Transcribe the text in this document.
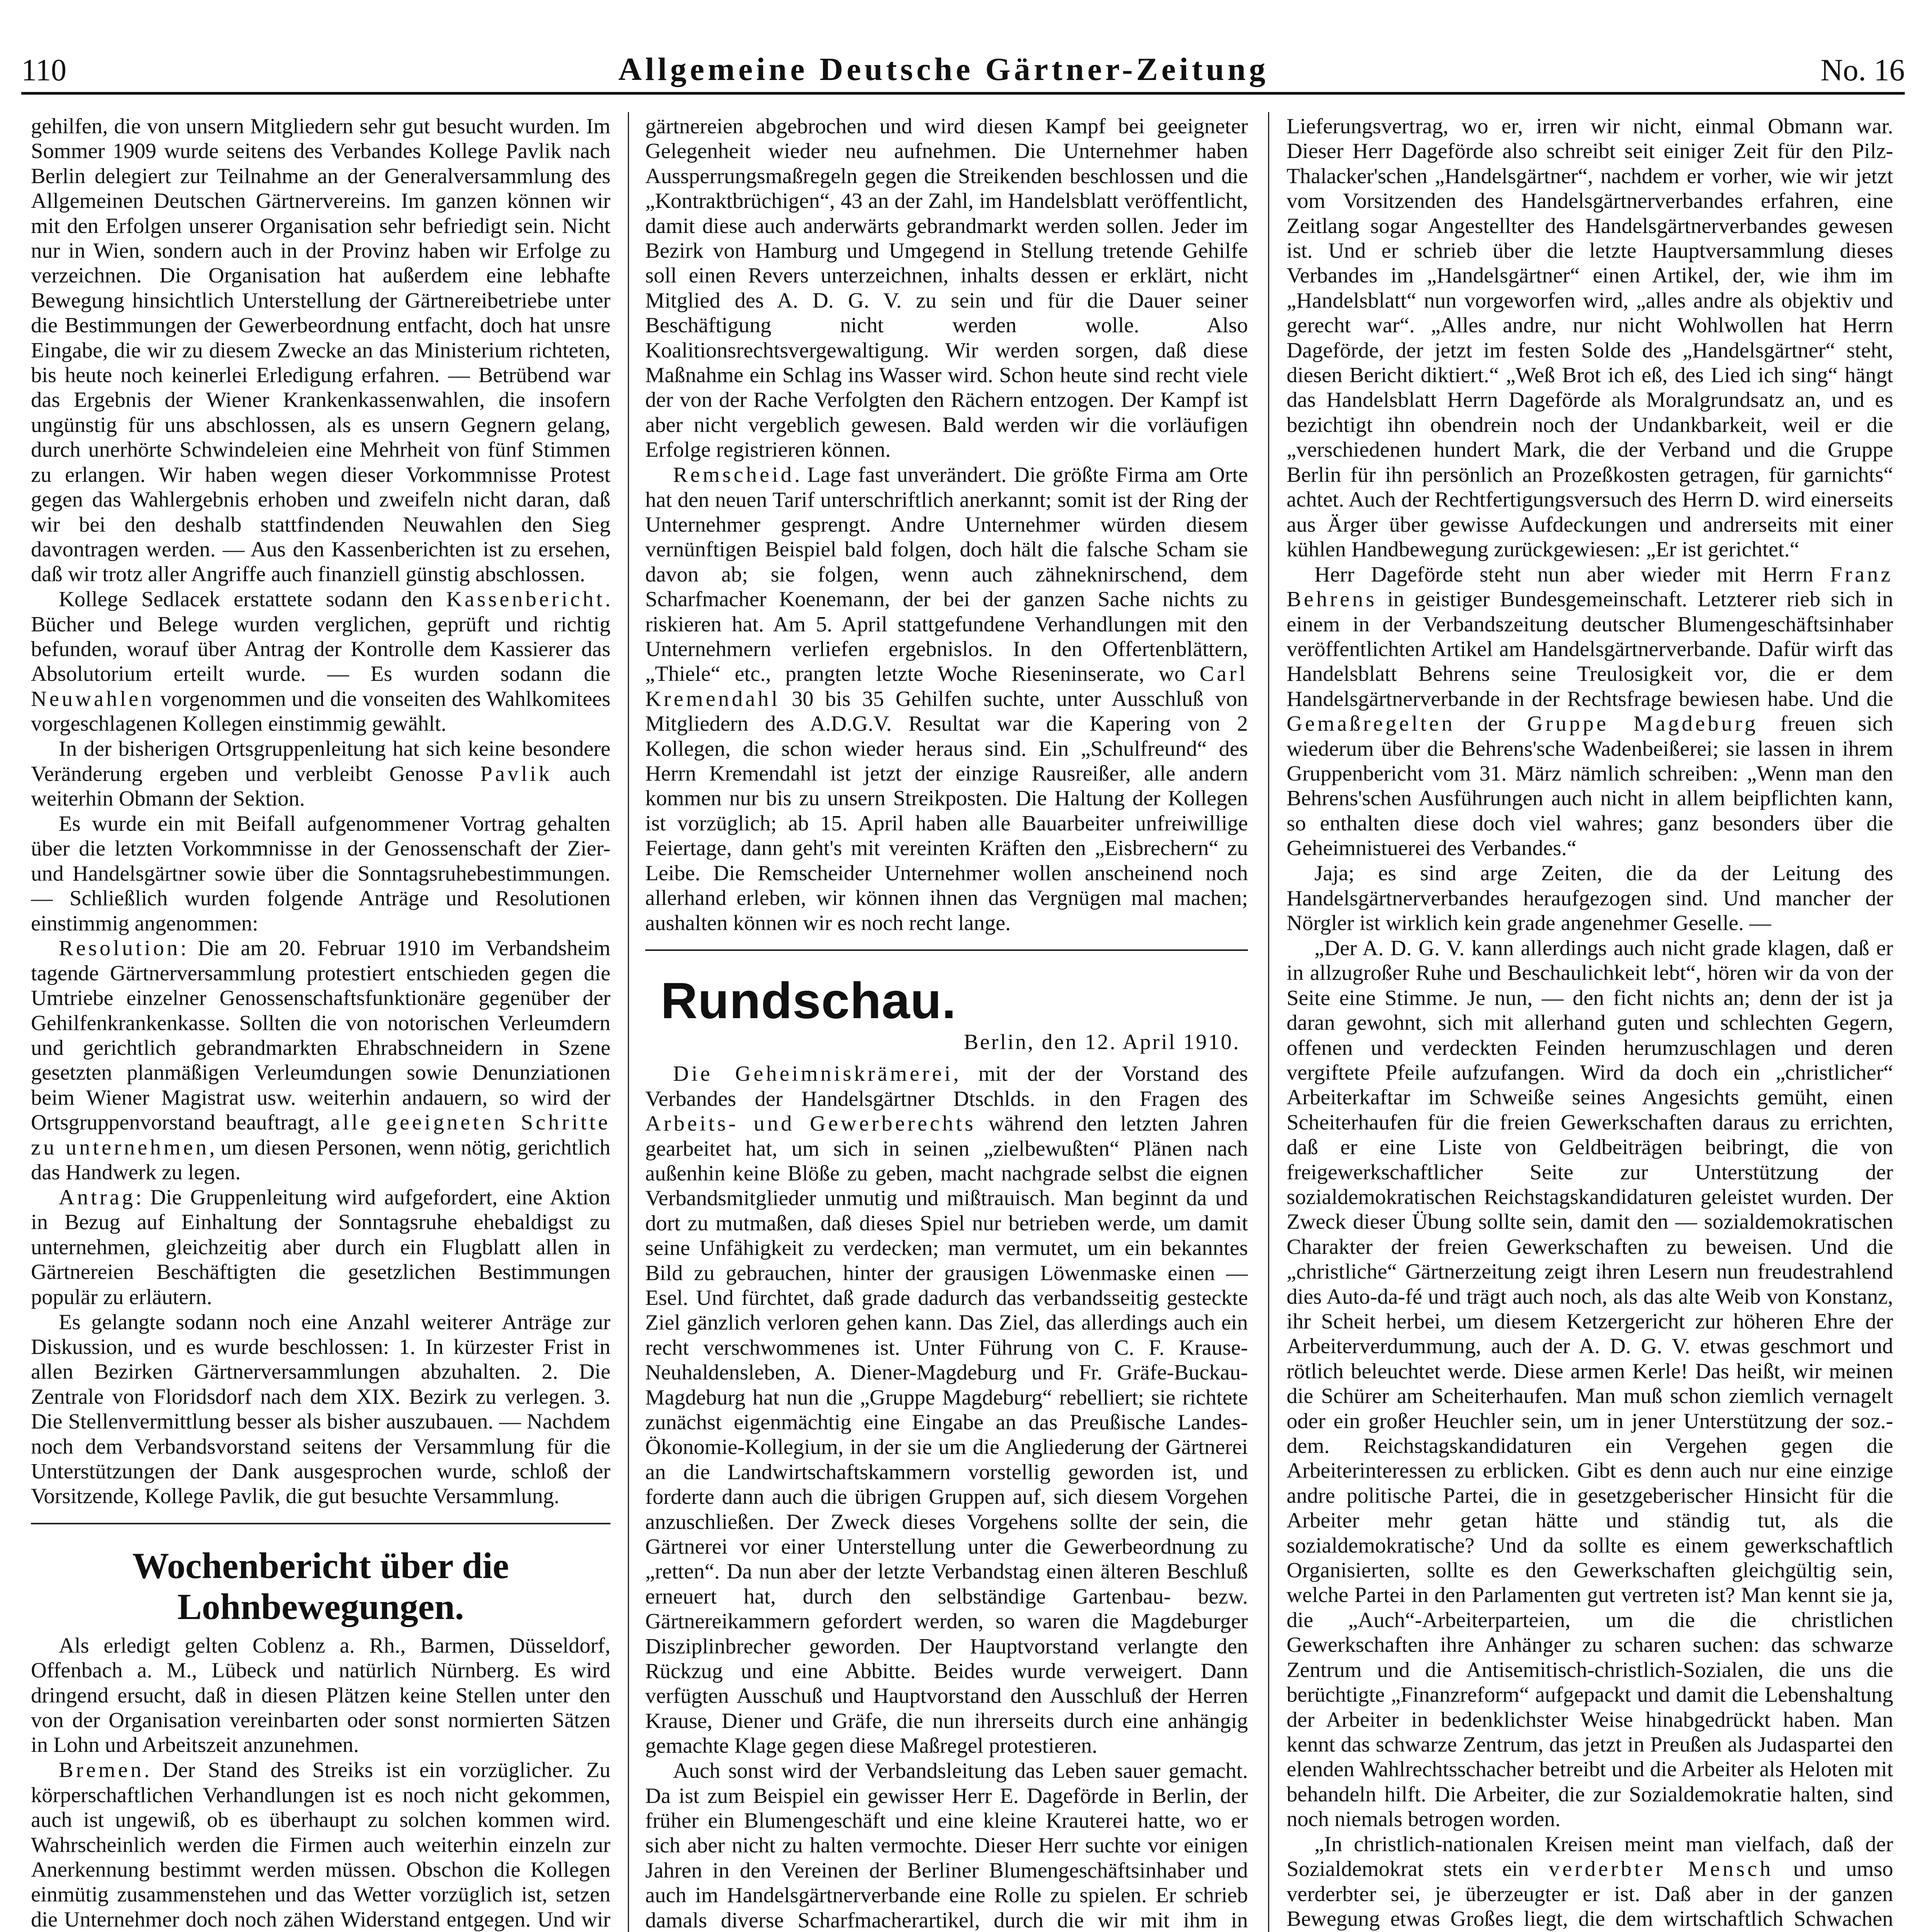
110	Allgemeine Deutsche Gärtner-Zeitung	No. 16

gehilfen, die von unsern Mitgliedern sehr gut besucht wurden. Im Sommer 1909 wurde seitens des Verbandes Kollege Pavlik nach Berlin delegiert zur Teilnahme an der Generalversammlung des Allgemeinen Deutschen Gärtnervereins. Im ganzen können wir mit den Erfolgen unserer Organisation sehr befriedigt sein. Nicht nur in Wien, sondern auch in der Provinz haben wir Erfolge zu verzeichnen. Die Organisation hat außerdem eine lebhafte Bewegung hinsichtlich Unterstellung der Gärtnereibetriebe unter die Bestimmungen der Gewerbeordnung entfacht, doch hat unsre Eingabe, die wir zu diesem Zwecke an das Ministerium richteten, bis heute noch keinerlei Erledigung erfahren. — Betrübend war das Ergebnis der Wiener Krankenkassenwahlen, die insofern ungünstig für uns abschlossen, als es unsern Gegnern gelang, durch unerhörte Schwindeleien eine Mehrheit von fünf Stimmen zu erlangen. Wir haben wegen dieser Vorkommnisse Protest gegen das Wahlergebnis erhoben und zweifeln nicht daran, daß wir bei den deshalb stattfindenden Neuwahlen den Sieg davontragen werden. — Aus den Kassenberichten ist zu ersehen, daß wir trotz aller Angriffe auch finanziell günstig abschlossen.

Kollege Sedlacek erstattete sodann den Kassenbericht. Bücher und Belege wurden verglichen, geprüft und richtig befunden, worauf über Antrag der Kontrolle dem Kassierer das Absolutorium erteilt wurde. — Es wurden sodann die Neuwahlen vorgenommen und die vonseiten des Wahlkomitees vorgeschlagenen Kollegen einstimmig gewählt.

In der bisherigen Ortsgruppenleitung hat sich keine besondere Veränderung ergeben und verbleibt Genosse Pavlik auch weiterhin Obmann der Sektion.

Es wurde ein mit Beifall aufgenommener Vortrag gehalten über die letzten Vorkommnisse in der Genossenschaft der Zier- und Handelsgärtner sowie über die Sonntagsruhebestimmungen. — Schließlich wurden folgende Anträge und Resolutionen einstimmig angenommen:

Resolution: Die am 20. Februar 1910 im Verbandsheim tagende Gärtnerversammlung protestiert entschieden gegen die Umtriebe einzelner Genossenschaftsfunktionäre gegenüber der Gehilfenkrankenkasse. Sollten die von notorischen Verleumdern und gerichtlich gebrandmarkten Ehrabschneidern in Szene gesetzten planmäßigen Verleumdungen sowie Denunziationen beim Wiener Magistrat usw. weiterhin andauern, so wird der Ortsgruppenvorstand beauftragt, alle geeigneten Schritte zu unternehmen, um diesen Personen, wenn nötig, gerichtlich das Handwerk zu legen.

Antrag: Die Gruppenleitung wird aufgefordert, eine Aktion in Bezug auf Einhaltung der Sonntagsruhe ehebaldigst zu unternehmen, gleichzeitig aber durch ein Flugblatt allen in Gärtnereien Beschäftigten die gesetzlichen Bestimmungen populär zu erläutern.

Es gelangte sodann noch eine Anzahl weiterer Anträge zur Diskussion, und es wurde beschlossen: 1. In kürzester Frist in allen Bezirken Gärtnerversammlungen abzuhalten. 2. Die Zentrale von Floridsdorf nach dem XIX. Bezirk zu verlegen. 3. Die Stellenvermittlung besser als bisher auszubauen. — Nachdem noch dem Verbandsvorstand seitens der Versammlung für die Unterstützungen der Dank ausgesprochen wurde, schloß der Vorsitzende, Kollege Pavlik, die gut besuchte Versammlung.

Wochenbericht über die Lohnbewegungen.

Als erledigt gelten Coblenz a. Rh., Barmen, Düsseldorf, Offenbach a. M., Lübeck und natürlich Nürnberg. Es wird dringend ersucht, daß in diesen Plätzen keine Stellen unter den von der Organisation vereinbarten oder sonst normierten Sätzen in Lohn und Arbeitszeit anzunehmen.

Bremen. Der Stand des Streiks ist ein vorzüglicher. Zu körperschaftlichen Verhandlungen ist es noch nicht gekommen, auch ist ungewiß, ob es überhaupt zu solchen kommen wird. Wahrscheinlich werden die Firmen auch weiterhin einzeln zur Anerkennung bestimmt werden müssen. Obschon die Kollegen einmütig zusammenstehen und das Wetter vorzüglich ist, setzen die Unternehmer doch noch zähen Widerstand entgegen. Und wir

gärtnereien abgebrochen und wird diesen Kampf bei geeigneter Gelegenheit wieder neu aufnehmen. Die Unternehmer haben Aussperrungsmaßregeln gegen die Streikenden beschlossen und die „Kontraktbrüchigen“, 43 an der Zahl, im Handelsblatt veröffentlicht, damit diese auch anderwärts gebrandmarkt werden sollen. Jeder im Bezirk von Hamburg und Umgegend in Stellung tretende Gehilfe soll einen Revers unterzeichnen, inhalts dessen er erklärt, nicht Mitglied des A. D. G. V. zu sein und für die Dauer seiner Beschäftigung nicht werden wolle. Also Koalitionsrechtsvergewaltigung. Wir werden sorgen, daß diese Maßnahme ein Schlag ins Wasser wird. Schon heute sind recht viele der von der Rache Verfolgten den Rächern entzogen. Der Kampf ist aber nicht vergeblich gewesen. Bald werden wir die vorläufigen Erfolge registrieren können.

Remscheid. Lage fast unverändert. Die größte Firma am Orte hat den neuen Tarif unterschriftlich anerkannt; somit ist der Ring der Unternehmer gesprengt. Andre Unternehmer würden diesem vernünftigen Beispiel bald folgen, doch hält die falsche Scham sie davon ab; sie folgen, wenn auch zähneknirschend, dem Scharfmacher Koenemann, der bei der ganzen Sache nichts zu riskieren hat. Am 5. April stattgefundene Verhandlungen mit den Unternehmern verliefen ergebnislos. In den Offertenblättern, „Thiele“ etc., prangten letzte Woche Rieseninserate, wo Carl Kremendahl 30 bis 35 Gehilfen suchte, unter Ausschluß von Mitgliedern des A.D.G.V. Resultat war die Kapering von 2 Kollegen, die schon wieder heraus sind. Ein „Schulfreund“ des Herrn Kremendahl ist jetzt der einzige Rausreißer, alle andern kommen nur bis zu unsern Streikposten. Die Haltung der Kollegen ist vorzüglich; ab 15. April haben alle Bauarbeiter unfreiwillige Feiertage, dann geht's mit vereinten Kräften den „Eisbrechern“ zu Leibe. Die Remscheider Unternehmer wollen anscheinend noch allerhand erleben, wir können ihnen das Vergnügen mal machen; aushalten können wir es noch recht lange.

Rundschau.
Berlin, den 12. April 1910.

Die Geheimniskrämerei, mit der der Vorstand des Verbandes der Handelsgärtner Dtschlds. in den Fragen des Arbeits- und Gewerberechts während den letzten Jahren gearbeitet hat, um sich in seinen „zielbewußten“ Plänen nach außenhin keine Blöße zu geben, macht nachgrade selbst die eignen Verbandsmitglieder unmutig und mißtrauisch. Man beginnt da und dort zu mutmaßen, daß dieses Spiel nur betrieben werde, um damit seine Unfähigkeit zu verdecken; man vermutet, um ein bekanntes Bild zu gebrauchen, hinter der grausigen Löwenmaske einen — Esel. Und fürchtet, daß grade dadurch das verbandsseitig gesteckte Ziel gänzlich verloren gehen kann. Das Ziel, das allerdings auch ein recht verschwommenes ist. Unter Führung von C. F. Krause-Neuhaldensleben, A. Diener-Magdeburg und Fr. Gräfe-Buckau-Magdeburg hat nun die „Gruppe Magdeburg“ rebelliert; sie richtete zunächst eigenmächtig eine Eingabe an das Preußische Landes-Ökonomie-Kollegium, in der sie um die Angliederung der Gärtnerei an die Landwirtschaftskammern vorstellig geworden ist, und forderte dann auch die übrigen Gruppen auf, sich diesem Vorgehen anzuschließen. Der Zweck dieses Vorgehens sollte der sein, die Gärtnerei vor einer Unterstellung unter die Gewerbeordnung zu „retten“. Da nun aber der letzte Verbandstag einen älteren Beschluß erneuert hat, durch den selbständige Gartenbau- bezw. Gärtnereikammern gefordert werden, so waren die Magdeburger Disziplinbrecher geworden. Der Hauptvorstand verlangte den Rückzug und eine Abbitte. Beides wurde verweigert. Dann verfügten Ausschuß und Hauptvorstand den Ausschluß der Herren Krause, Diener und Gräfe, die nun ihrerseits durch eine anhängig gemachte Klage gegen diese Maßregel protestieren.

Auch sonst wird der Verbandsleitung das Leben sauer gemacht. Da ist zum Beispiel ein gewisser Herr E. Dageförde in Berlin, der früher ein Blumengeschäft und eine kleine Krauterei hatte, wo er sich aber nicht zu halten vermochte. Dieser Herr suchte vor einigen Jahren in den Vereinen der Berliner Blumengeschäftsinhaber und auch im Handelsgärtnerverbande eine Rolle zu spielen. Er schrieb damals diverse Scharfmacherartikel, durch die wir mit ihm in

Lieferungsvertrag, wo er, irren wir nicht, einmal Obmann war. Dieser Herr Dageförde also schreibt seit einiger Zeit für den Pilz-Thalacker'schen „Handelsgärtner“, nachdem er vorher, wie wir jetzt vom Vorsitzenden des Handelsgärtnerverbandes erfahren, eine Zeitlang sogar Angestellter des Handelsgärtnerverbandes gewesen ist. Und er schrieb über die letzte Hauptversammlung dieses Verbandes im „Handelsgärtner“ einen Artikel, der, wie ihm im „Handelsblatt“ nun vorgeworfen wird, „alles andre als objektiv und gerecht war“. „Alles andre, nur nicht Wohlwollen hat Herrn Dageförde, der jetzt im festen Solde des „Handelsgärtner“ steht, diesen Bericht diktiert.“ „Weß Brot ich eß, des Lied ich sing“ hängt das Handelsblatt Herrn Dageförde als Moralgrundsatz an, und es bezichtigt ihn obendrein noch der Undankbarkeit, weil er die „verschiedenen hundert Mark, die der Verband und die Gruppe Berlin für ihn persönlich an Prozeßkosten getragen, für garnichts“ achtet. Auch der Rechtfertigungsversuch des Herrn D. wird einerseits aus Ärger über gewisse Aufdeckungen und andrerseits mit einer kühlen Handbewegung zurückgewiesen: „Er ist gerichtet.“

Herr Dageförde steht nun aber wieder mit Herrn Franz Behrens in geistiger Bundesgemeinschaft. Letzterer rieb sich in einem in der Verbandszeitung deutscher Blumengeschäftsinhaber veröffentlichten Artikel am Handelsgärtnerverbande. Dafür wirft das Handelsblatt Behrens seine Treulosigkeit vor, die er dem Handelsgärtnerverbande in der Rechtsfrage bewiesen habe. Und die Gemaßregelten der Gruppe Magdeburg freuen sich wiederum über die Behrens'sche Wadenbeißerei; sie lassen in ihrem Gruppenbericht vom 31. März nämlich schreiben: „Wenn man den Behrens'schen Ausführungen auch nicht in allem beipflichten kann, so enthalten diese doch viel wahres; ganz besonders über die Geheimnistuerei des Verbandes.“

Jaja; es sind arge Zeiten, die da der Leitung des Handelsgärtnerverbandes heraufgezogen sind. Und mancher der Nörgler ist wirklich kein grade angenehmer Geselle. —

„Der A. D. G. V. kann allerdings auch nicht grade klagen, daß er in allzugroßer Ruhe und Beschaulichkeit lebt“, hören wir da von der Seite eine Stimme. Je nun, — den ficht nichts an; denn der ist ja daran gewohnt, sich mit allerhand guten und schlechten Gegern, offenen und verdeckten Feinden herumzuschlagen und deren vergiftete Pfeile aufzufangen. Wird da doch ein „christlicher“ Arbeiterkaftar im Schweiße seines Angesichts gemüht, einen Scheiterhaufen für die freien Gewerkschaften daraus zu errichten, daß er eine Liste von Geldbeiträgen beibringt, die von freigewerkschaftlicher Seite zur Unterstützung der sozialdemokratischen Reichstagskandidaturen geleistet wurden. Der Zweck dieser Übung sollte sein, damit den — sozialdemokratischen Charakter der freien Gewerkschaften zu beweisen. Und die „christliche“ Gärtnerzeitung zeigt ihren Lesern nun freudestrahlend dies Auto-da-fé und trägt auch noch, als das alte Weib von Konstanz, ihr Scheit herbei, um diesem Ketzergericht zur höheren Ehre der Arbeiterverdummung, auch der A. D. G. V. etwas geschmort und rötlich beleuchtet werde. Diese armen Kerle! Das heißt, wir meinen die Schürer am Scheiterhaufen. Man muß schon ziemlich vernagelt oder ein großer Heuchler sein, um in jener Unterstützung der soz.-dem. Reichstagskandidaturen ein Vergehen gegen die Arbeiterinteressen zu erblicken. Gibt es denn auch nur eine einzige andre politische Partei, die in gesetzgeberischer Hinsicht für die Arbeiter mehr getan hätte und ständig tut, als die sozialdemokratische? Und da sollte es einem gewerkschaftlich Organisierten, sollte es den Gewerkschaften gleichgültig sein, welche Partei in den Parlamenten gut vertreten ist? Man kennt sie ja, die „Auch“-Arbeiterparteien, um die die christlichen Gewerkschaften ihre Anhänger zu scharen suchen: das schwarze Zentrum und die Antisemitisch-christlich-Sozialen, die uns die berüchtigte „Finanzreform“ aufgepackt und damit die Lebenshaltung der Arbeiter in bedenklichster Weise hinabgedrückt haben. Man kennt das schwarze Zentrum, das jetzt in Preußen als Judaspartei den elenden Wahlrechtsschacher betreibt und die Arbeiter als Heloten mit behandeln hilft. Die Arbeiter, die zur Sozialdemokratie halten, sind noch niemals betrogen worden.

„In christlich-nationalen Kreisen meint man vielfach, daß der Sozialdemokrat stets ein verderbter Mensch und umso verderbter sei, je überzeugter er ist. Daß aber in der ganzen Bewegung etwas Großes liegt, die dem wirtschaftlich Schwachen
